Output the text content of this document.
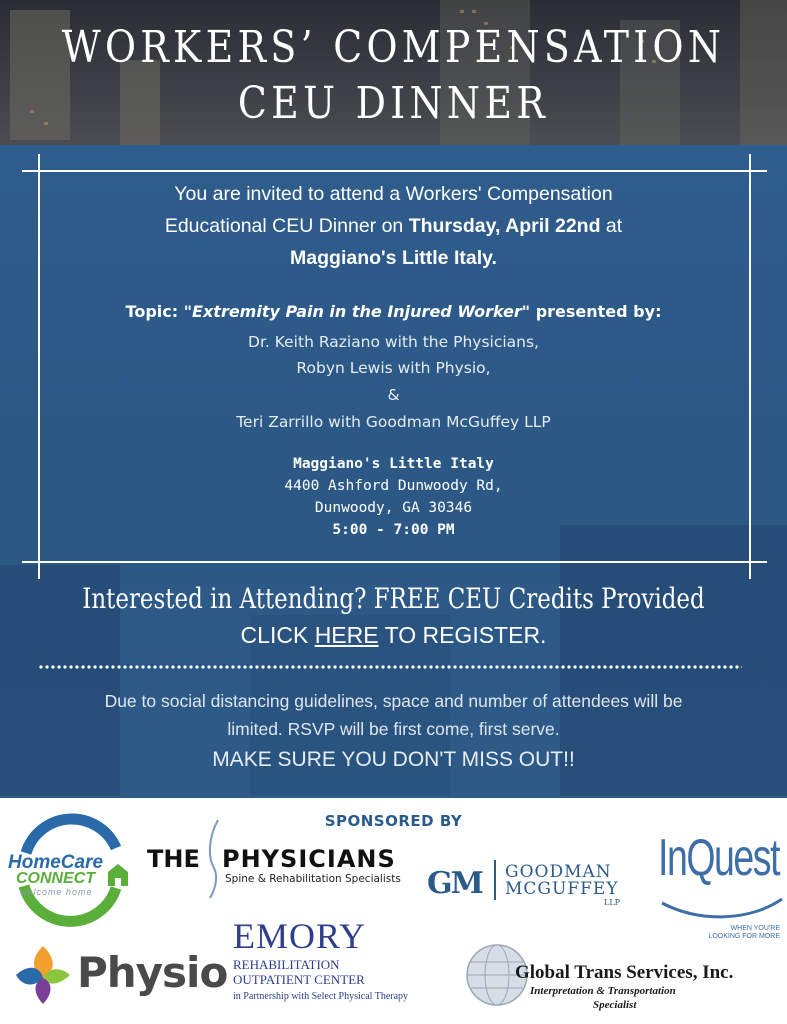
WORKERS’ COMPENSATION
CEU DINNER
You are invited to attend a Workers' Compensation
Educational CEU Dinner on Thursday, April 22nd at
Maggiano's Little Italy.
Topic: "Extremity Pain in the Injured Worker" presented by:
Dr. Keith Raziano with the Physicians,
Robyn Lewis with Physio,
&
Teri Zarrillo with Goodman McGuffey LLP
Maggiano's Little Italy
4400 Ashford Dunwoody Rd,
Dunwoody, GA 30346
5:00 - 7:00 PM
Interested in Attending? FREE CEU Credits Provided
CLICK HERE TO REGISTER.
Due to social distancing guidelines, space and number of attendees will be
limited. RSVP will be first come, first serve.
MAKE SURE YOU DON'T MISS OUT!!
SPONSORED BY
HomeCare
CONNECT
welcome home
THE PHYSICIANS
Spine & Rehabilitation Specialists GM GOODMAN
MCGUFFEY
LLP
InQuest
WHEN YOU'RE LOOKING FOR MORE
Physio
EMORY
REHABILITATION
OUTPATIENT CENTER
in Partnership with Select Physical Therapy
Global Trans Services, Inc.
Interpretation & Transportation
Specialist
